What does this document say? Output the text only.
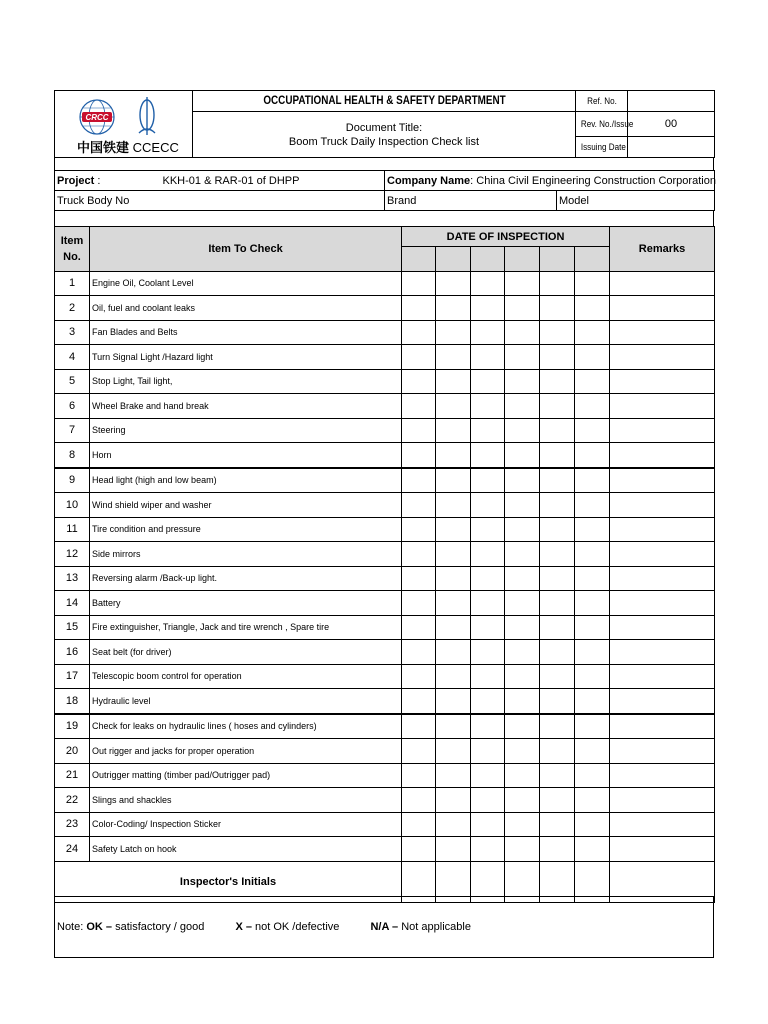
CRCC
中国铁建 CCECC	OCCUPATIONAL HEALTH & SAFETY DEPARTMENT	Ref. No.	

	Document Title:
Boom Truck Daily Inspection Check list	Rev. No./Issue	00
		Issuing Date	
Project : KKH-01 & RAR-01 of DHPP	Company Name: China Civil Engineering Construction Corporation	
Truck Body No	Brand	Model
Item
No.	Item To Check	DATE OF INSPECTION						Remarks

1	Engine Oil, Coolant Level							
2	Oil, fuel and coolant leaks							
3	Fan Blades and Belts							
4	Turn Signal Light /Hazard light							
5	Stop Light, Tail light,							
6	Wheel Brake and hand break							
7	Steering							
8	Horn							
9	Head light (high and low beam)							
10	Wind shield wiper and washer							
11	Tire condition and pressure							
12	Side mirrors							
13	Reversing alarm /Back-up light.							
14	Battery							
15	Fire extinguisher, Triangle, Jack and tire wrench , Spare tire							
16	Seat belt (for driver)							
17	Telescopic boom control for operation							
18	Hydraulic level							
19	Check for leaks on hydraulic lines ( hoses and cylinders)							
20	Out rigger and jacks for proper operation							
21	Outrigger matting (timber pad/Outrigger pad)							
22	Slings and shackles							
23	Color-Coding/ Inspection Sticker							
24	Safety Latch on hook							
Inspector's Initials								
Note: OK – satisfactory / good	X – not OK /defective	N/A – Not applicable
